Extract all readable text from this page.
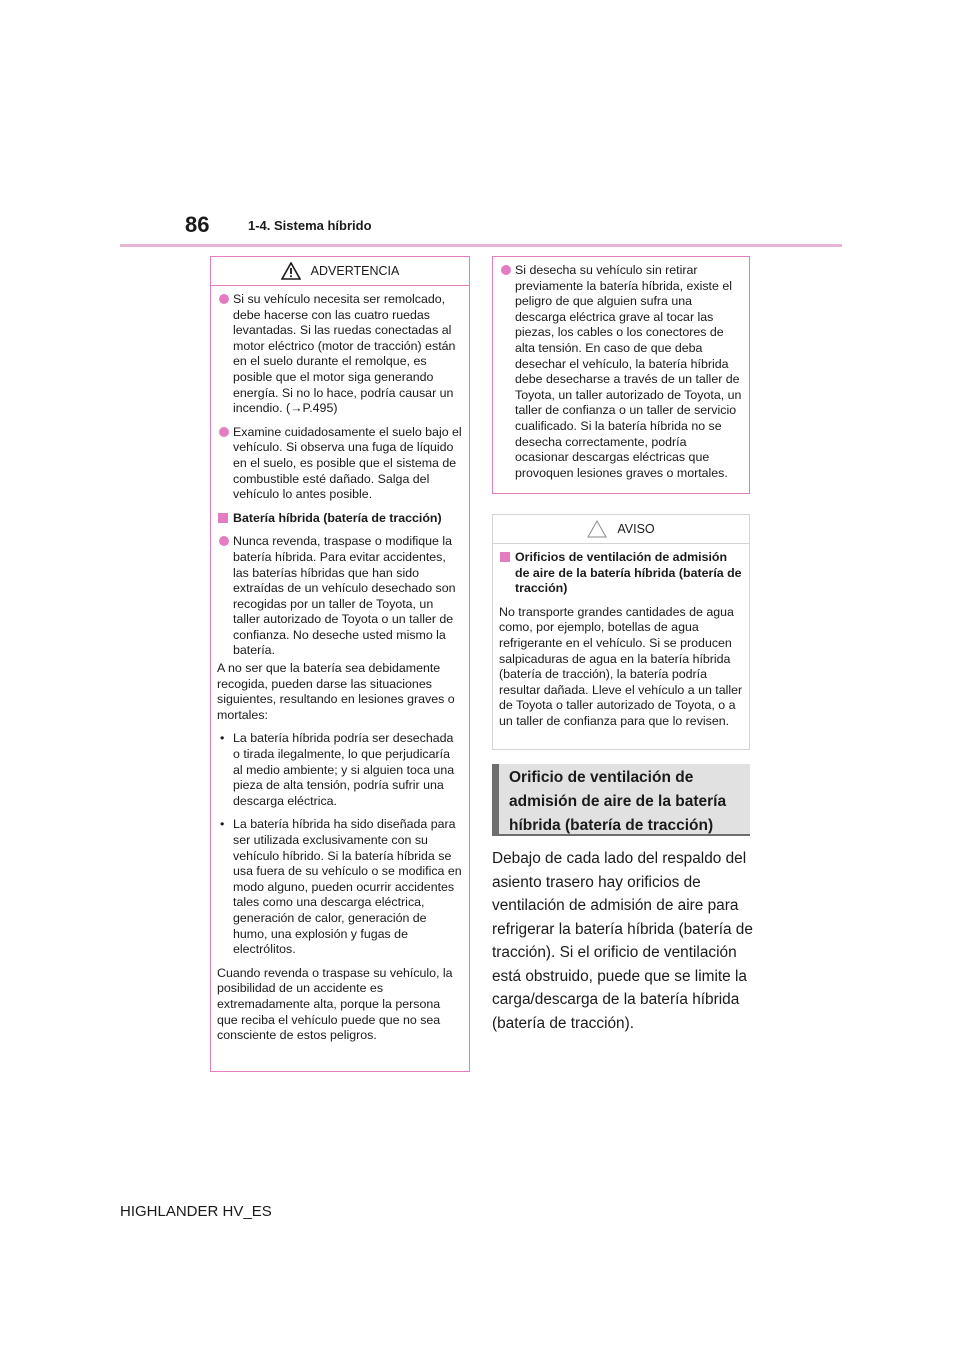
86	1-4. Sistema híbrido
ADVERTENCIA
Si su vehículo necesita ser remolcado, debe hacerse con las cuatro ruedas levantadas. Si las ruedas conectadas al motor eléctrico (motor de tracción) están en el suelo durante el remolque, es posible que el motor siga generando energía. Si no lo hace, podría causar un incendio. (→P.495)
Examine cuidadosamente el suelo bajo el vehículo. Si observa una fuga de líquido en el suelo, es posible que el sistema de combustible esté dañado. Salga del vehículo lo antes posible.
Batería híbrida (batería de tracción)
Nunca revenda, traspase o modifique la batería híbrida. Para evitar accidentes, las baterías híbridas que han sido extraídas de un vehículo desechado son recogidas por un taller de Toyota, un taller autorizado de Toyota o un taller de confianza. No deseche usted mismo la batería.
A no ser que la batería sea debidamente recogida, pueden darse las situaciones siguientes, resultando en lesiones graves o mortales:
• La batería híbrida podría ser desechada o tirada ilegalmente, lo que perjudicaría al medio ambiente; y si alguien toca una pieza de alta tensión, podría sufrir una descarga eléctrica.
• La batería híbrida ha sido diseñada para ser utilizada exclusivamente con su vehículo híbrido. Si la batería híbrida se usa fuera de su vehículo o se modifica en modo alguno, pueden ocurrir accidentes tales como una descarga eléctrica, generación de calor, generación de humo, una explosión y fugas de electrólitos.
Cuando revenda o traspase su vehículo, la posibilidad de un accidente es extremadamente alta, porque la persona que reciba el vehículo puede que no sea consciente de estos peligros.
Si desecha su vehículo sin retirar previamente la batería híbrida, existe el peligro de que alguien sufra una descarga eléctrica grave al tocar las piezas, los cables o los conectores de alta tensión. En caso de que deba desechar el vehículo, la batería híbrida debe desecharse a través de un taller de Toyota, un taller autorizado de Toyota, un taller de confianza o un taller de servicio cualificado. Si la batería híbrida no se desecha correctamente, podría ocasionar descargas eléctricas que provoquen lesiones graves o mortales.
AVISO
Orificios de ventilación de admisión de aire de la batería híbrida (batería de tracción)
No transporte grandes cantidades de agua como, por ejemplo, botellas de agua refrigerante en el vehículo. Si se producen salpicaduras de agua en la batería híbrida (batería de tracción), la batería podría resultar dañada. Lleve el vehículo a un taller de Toyota o taller autorizado de Toyota, o a un taller de confianza para que lo revisen.
Orificio de ventilación de admisión de aire de la batería híbrida (batería de tracción)
Debajo de cada lado del respaldo del asiento trasero hay orificios de ventilación de admisión de aire para refrigerar la batería híbrida (batería de tracción). Si el orificio de ventilación está obstruido, puede que se limite la carga/descarga de la batería híbrida (batería de tracción).
HIGHLANDER HV_ES
